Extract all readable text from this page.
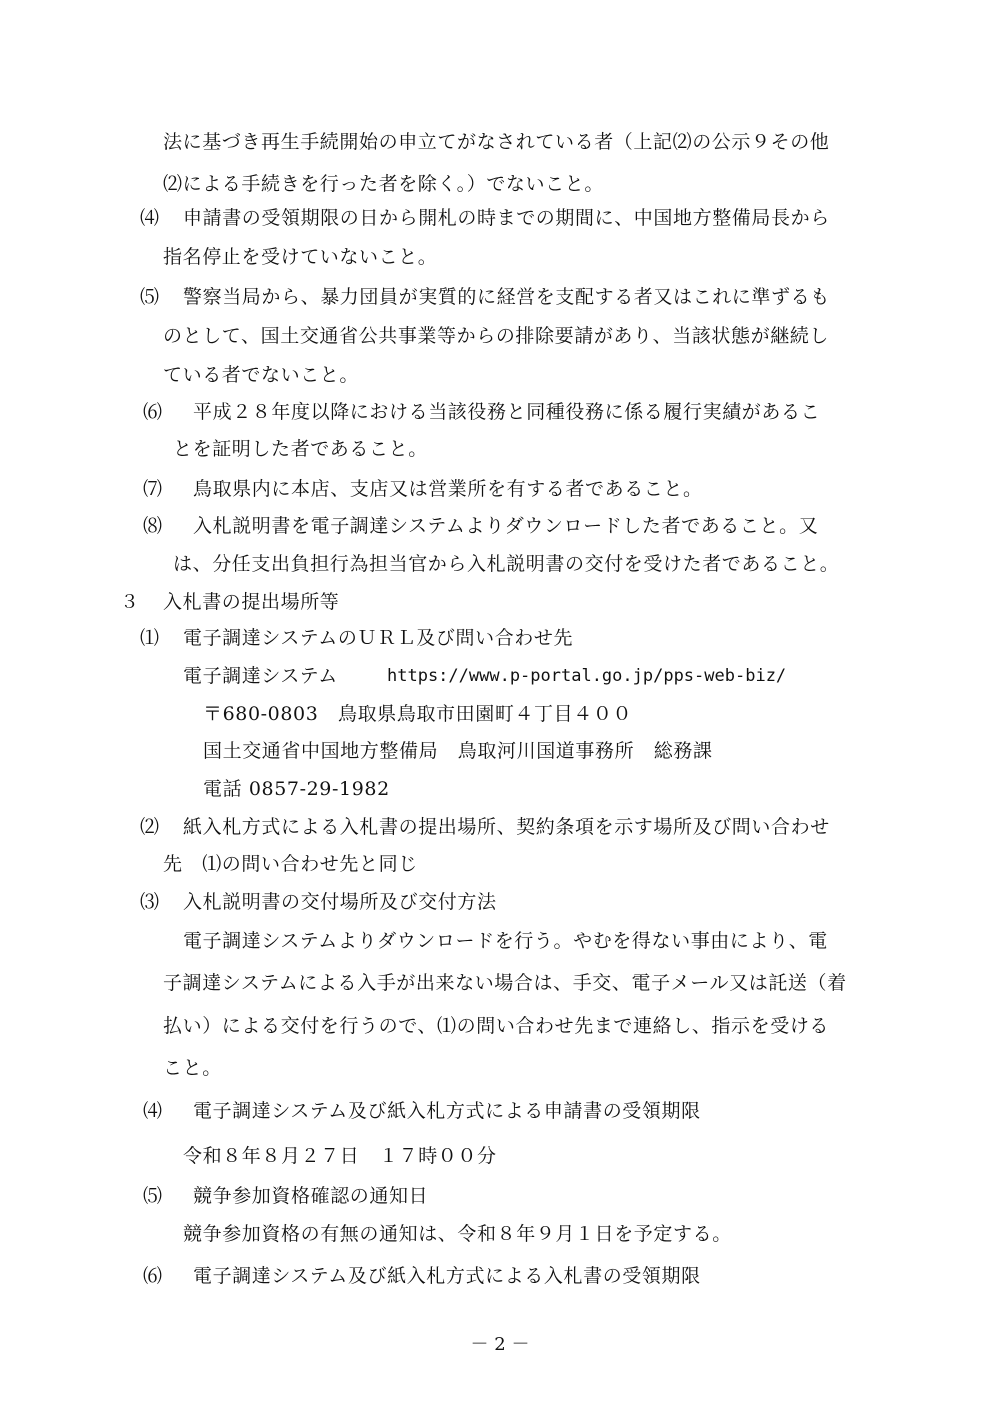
法に基づき再生手続開始の申立てがなされている者（上記⑵の公示９その他
⑵による手続きを行った者を除く。）でないこと。
⑷ 申請書の受領期限の日から開札の時までの期間に、中国地方整備局長から
指名停止を受けていないこと。
⑸ 警察当局から、暴力団員が実質的に経営を支配する者又はこれに準ずるも
のとして、国土交通省公共事業等からの排除要請があり、当該状態が継続し
ている者でないこと。
⑹ 平成２８年度以降における当該役務と同種役務に係る履行実績があるこ
とを証明した者であること。
⑺ 鳥取県内に本店、支店又は営業所を有する者であること。
⑻ 入札説明書を電子調達システムよりダウンロードした者であること。又
は、分任支出負担行為担当官から入札説明書の交付を受けた者であること。
３ 入札書の提出場所等
⑴ 電子調達システムのＵＲＬ及び問い合わせ先
電子調達システム	https://www.p-portal.go.jp/pps-web-biz/
〒680-0803　鳥取県鳥取市田園町４丁目４００
国土交通省中国地方整備局　鳥取河川国道事務所　総務課
電話 0857-29-1982
⑵ 紙入札方式による入札書の提出場所、契約条項を示す場所及び問い合わせ
先　⑴の問い合わせ先と同じ
⑶ 入札説明書の交付場所及び交付方法
電子調達システムよりダウンロードを行う。やむを得ない事由により、電
子調達システムによる入手が出来ない場合は、手交、電子メール又は託送（着
払い）による交付を行うので、⑴の問い合わせ先まで連絡し、指示を受ける
こと。
⑷ 電子調達システム及び紙入札方式による申請書の受領期限
令和８年８月２７日　１７時００分
⑸ 競争参加資格確認の通知日
競争参加資格の有無の通知は、令和８年９月１日を予定する。
⑹ 電子調達システム及び紙入札方式による入札書の受領期限
－ 2 －
